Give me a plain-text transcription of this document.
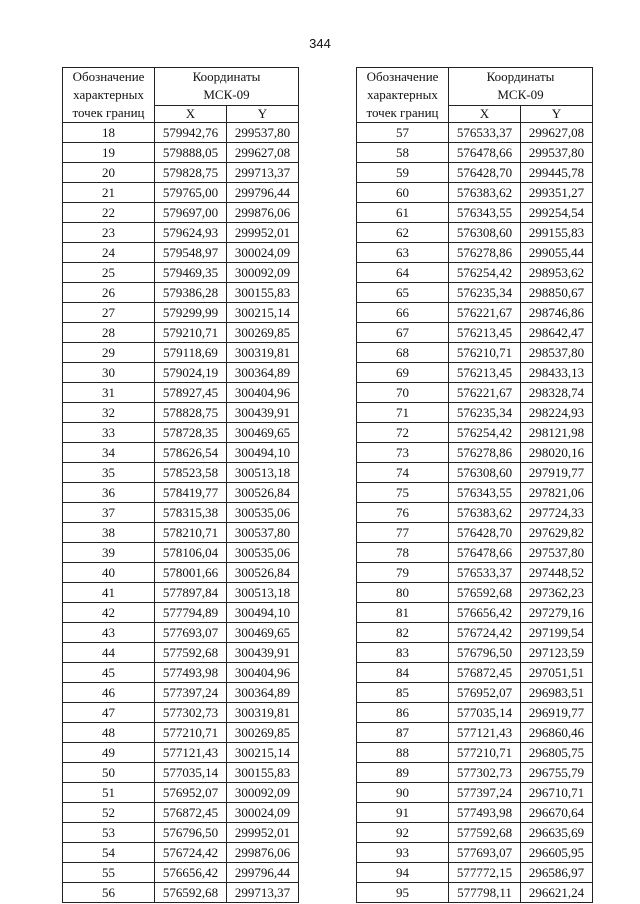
344
Обозначение
характерных
точек границ	Координаты
МСК-09	

	X	Y
18	579942,76	299537,80
19	579888,05	299627,08
20	579828,75	299713,37
21	579765,00	299796,44
22	579697,00	299876,06
23	579624,93	299952,01
24	579548,97	300024,09
25	579469,35	300092,09
26	579386,28	300155,83
27	579299,99	300215,14
28	579210,71	300269,85
29	579118,69	300319,81
30	579024,19	300364,89
31	578927,45	300404,96
32	578828,75	300439,91
33	578728,35	300469,65
34	578626,54	300494,10
35	578523,58	300513,18
36	578419,77	300526,84
37	578315,38	300535,06
38	578210,71	300537,80
39	578106,04	300535,06
40	578001,66	300526,84
41	577897,84	300513,18
42	577794,89	300494,10
43	577693,07	300469,65
44	577592,68	300439,91
45	577493,98	300404,96
46	577397,24	300364,89
47	577302,73	300319,81
48	577210,71	300269,85
49	577121,43	300215,14
50	577035,14	300155,83
51	576952,07	300092,09
52	576872,45	300024,09
53	576796,50	299952,01
54	576724,42	299876,06
55	576656,42	299796,44
56	576592,68	299713,37
Обозначение
характерных
точек границ	Координаты
МСК-09	

	X	Y
57	576533,37	299627,08
58	576478,66	299537,80
59	576428,70	299445,78
60	576383,62	299351,27
61	576343,55	299254,54
62	576308,60	299155,83
63	576278,86	299055,44
64	576254,42	298953,62
65	576235,34	298850,67
66	576221,67	298746,86
67	576213,45	298642,47
68	576210,71	298537,80
69	576213,45	298433,13
70	576221,67	298328,74
71	576235,34	298224,93
72	576254,42	298121,98
73	576278,86	298020,16
74	576308,60	297919,77
75	576343,55	297821,06
76	576383,62	297724,33
77	576428,70	297629,82
78	576478,66	297537,80
79	576533,37	297448,52
80	576592,68	297362,23
81	576656,42	297279,16
82	576724,42	297199,54
83	576796,50	297123,59
84	576872,45	297051,51
85	576952,07	296983,51
86	577035,14	296919,77
87	577121,43	296860,46
88	577210,71	296805,75
89	577302,73	296755,79
90	577397,24	296710,71
91	577493,98	296670,64
92	577592,68	296635,69
93	577693,07	296605,95
94	577772,15	296586,97
95	577798,11	296621,24
